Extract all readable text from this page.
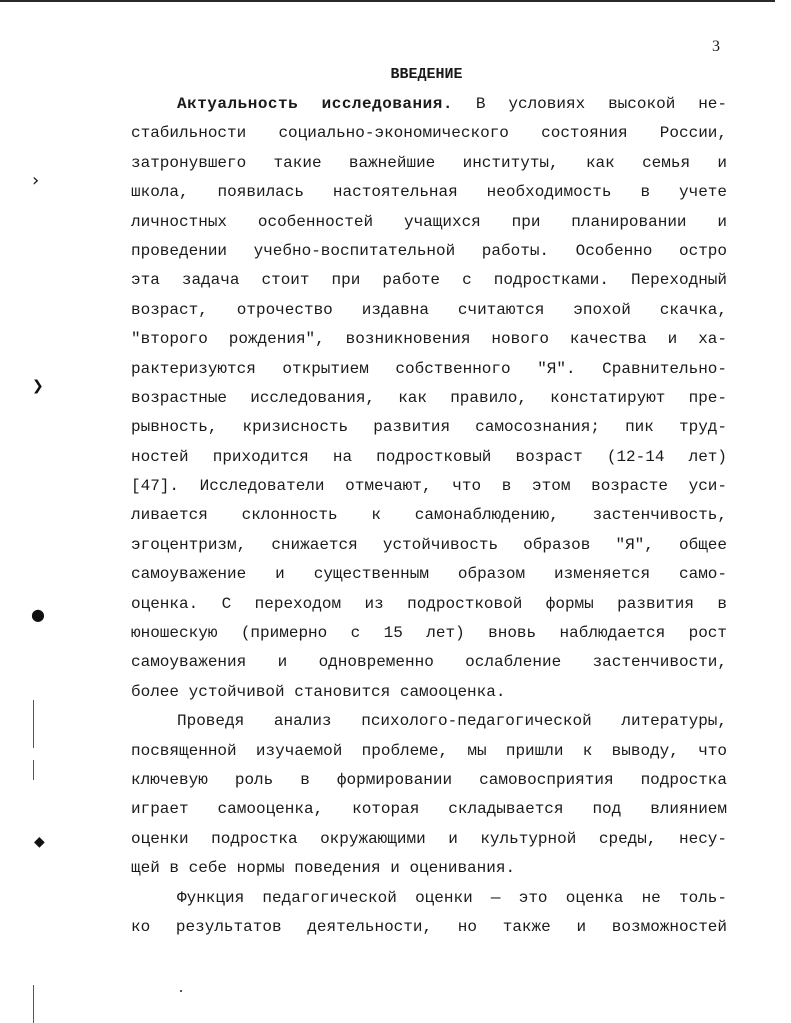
3
ВВЕДЕНИЕ
Актуальность исследования. В условиях высокой не-
стабильности социально-экономического состояния России,
затронувшего такие важнейшие институты, как семья и
школа, появилась настоятельная необходимость в учете
личностных особенностей учащихся при планировании и
проведении учебно-воспитательной работы. Особенно остро
эта задача стоит при работе с подростками. Переходный
возраст, отрочество издавна считаются эпохой скачка,
"второго рождения", возникновения нового качества и ха-
рактеризуются открытием собственного "Я". Сравнительно-
возрастные исследования, как правило, констатируют пре-
рывность, кризисность развития самосознания; пик труд-
ностей приходится на подростковый возраст (12-14 лет)
[47]. Исследователи отмечают, что в этом возрасте уси-
ливается склонность к самонаблюдению, застенчивость,
эгоцентризм, снижается устойчивость образов "Я", общее
самоуважение и существенным образом изменяется само-
оценка. С переходом из подростковой формы развития в
юношескую (примерно с 15 лет) вновь наблюдается рост
самоуважения и одновременно ослабление застенчивости,
более устойчивой становится самооценка.
Проведя анализ психолого-педагогической литературы,
посвященной изучаемой проблеме, мы пришли к выводу, что
ключевую роль в формировании самовосприятия подростка
играет самооценка, которая складывается под влиянием
оценки подростка окружающими и культурной среды, несу-
щей в себе нормы поведения и оценивания.
Функция педагогической оценки — это оценка не толь-
ко результатов деятельности, но также и возможностей
›
❯
●
◆
